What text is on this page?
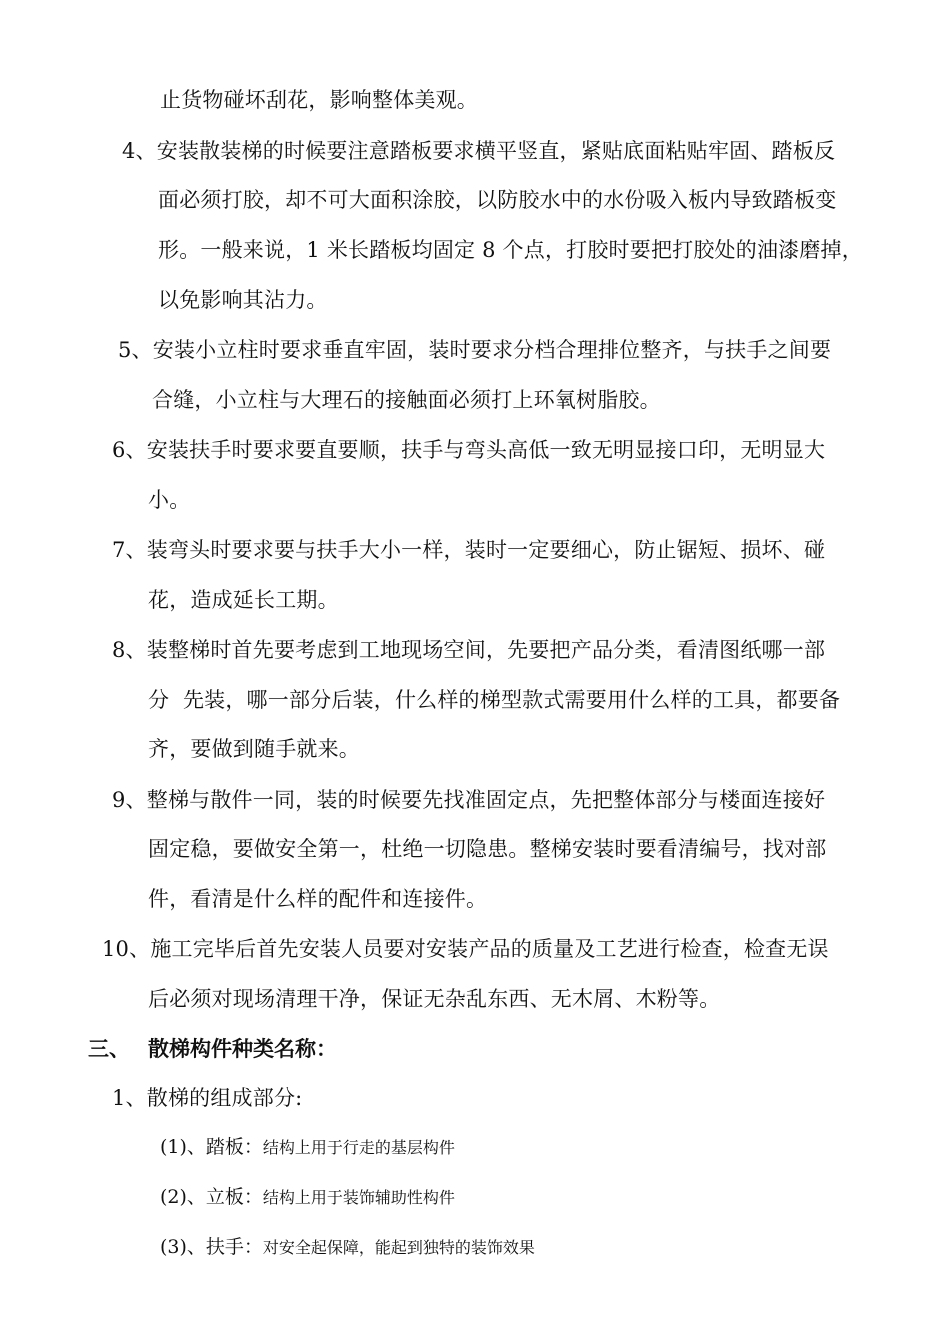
止货物碰坏刮花，影响整体美观。
4、安装散装梯的时候要注意踏板要求横平竖直，紧贴底面粘贴牢固、踏板反
面必须打胶，却不可大面积涂胶，以防胶水中的水份吸入板内导致踏板变
形。一般来说，1 米长踏板均固定 8 个点，打胶时要把打胶处的油漆磨掉，
以免影响其沾力。
5、安装小立柱时要求垂直牢固，装时要求分档合理排位整齐，与扶手之间要
合缝，小立柱与大理石的接触面必须打上环氧树脂胶。
6、安装扶手时要求要直要顺，扶手与弯头高低一致无明显接口印，无明显大
小。
7、装弯头时要求要与扶手大小一样，装时一定要细心，防止锯短、损坏、碰
花，造成延长工期。
8、装整梯时首先要考虑到工地现场空间，先要把产品分类，看清图纸哪一部
分  先装，哪一部分后装，什么样的梯型款式需要用什么样的工具，都要备
齐，要做到随手就来。
9、整梯与散件一同，装的时候要先找准固定点，先把整体部分与楼面连接好
固定稳，要做安全第一，杜绝一切隐患。整梯安装时要看清编号，找对部
件，看清是什么样的配件和连接件。
10、施工完毕后首先安装人员要对安装产品的质量及工艺进行检查，检查无误
后必须对现场清理干净，保证无杂乱东西、无木屑、木粉等。
三、 散梯构件种类名称：
1、散梯的组成部分:
(1)、踏板：结构上用于行走的基层构件
(2)、立板：结构上用于装饰辅助性构件
(3)、扶手：对安全起保障，能起到独特的装饰效果
